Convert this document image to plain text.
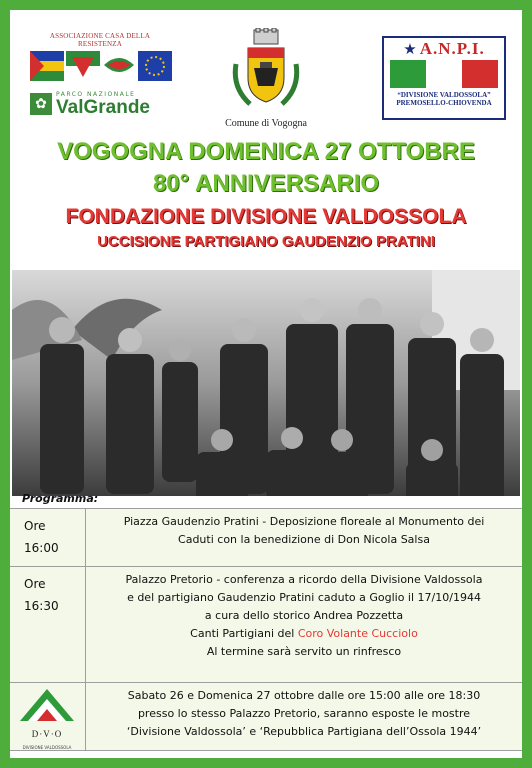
ASSOCIAZIONE CASA DELLA RESISTENZA
✿
PARCO NAZIONALE
ValGrande
Comune di Vogogna
★ A.N.P.I.
“DIVISIONE VALDOSSOLA”
PREMOSELLO-CHIOVENDA
VOGOGNA DOMENICA 27 OTTOBRE
80° ANNIVERSARIO
FONDAZIONE DIVISIONE VALDOSSOLA
UCCISIONE PARTIGIANO GAUDENZIO PRATINI
Programma:
Ore
16:00
Piazza Gaudenzio Pratini - Deposizione floreale al Monumento dei
Caduti con la benedizione di Don Nicola Salsa
Ore
16:30
Palazzo Pretorio - conferenza a ricordo della Divisione Valdossola
e del partigiano Gaudenzio Pratini caduto a Goglio il 17/10/1944
a cura dello storico Andrea Pozzetta
Canti Partigiani del Coro Volante Cucciolo
Al termine sarà servito un rinfresco
D·V·O
DIVISIONE VALDOSSOLA
Sabato 26 e Domenica 27 ottobre dalle ore 15:00 alle ore 18:30
presso lo stesso Palazzo Pretorio, saranno esposte le mostre
‘Divisione Valdossola’ e ‘Repubblica Partigiana dell’Ossola 1944’
